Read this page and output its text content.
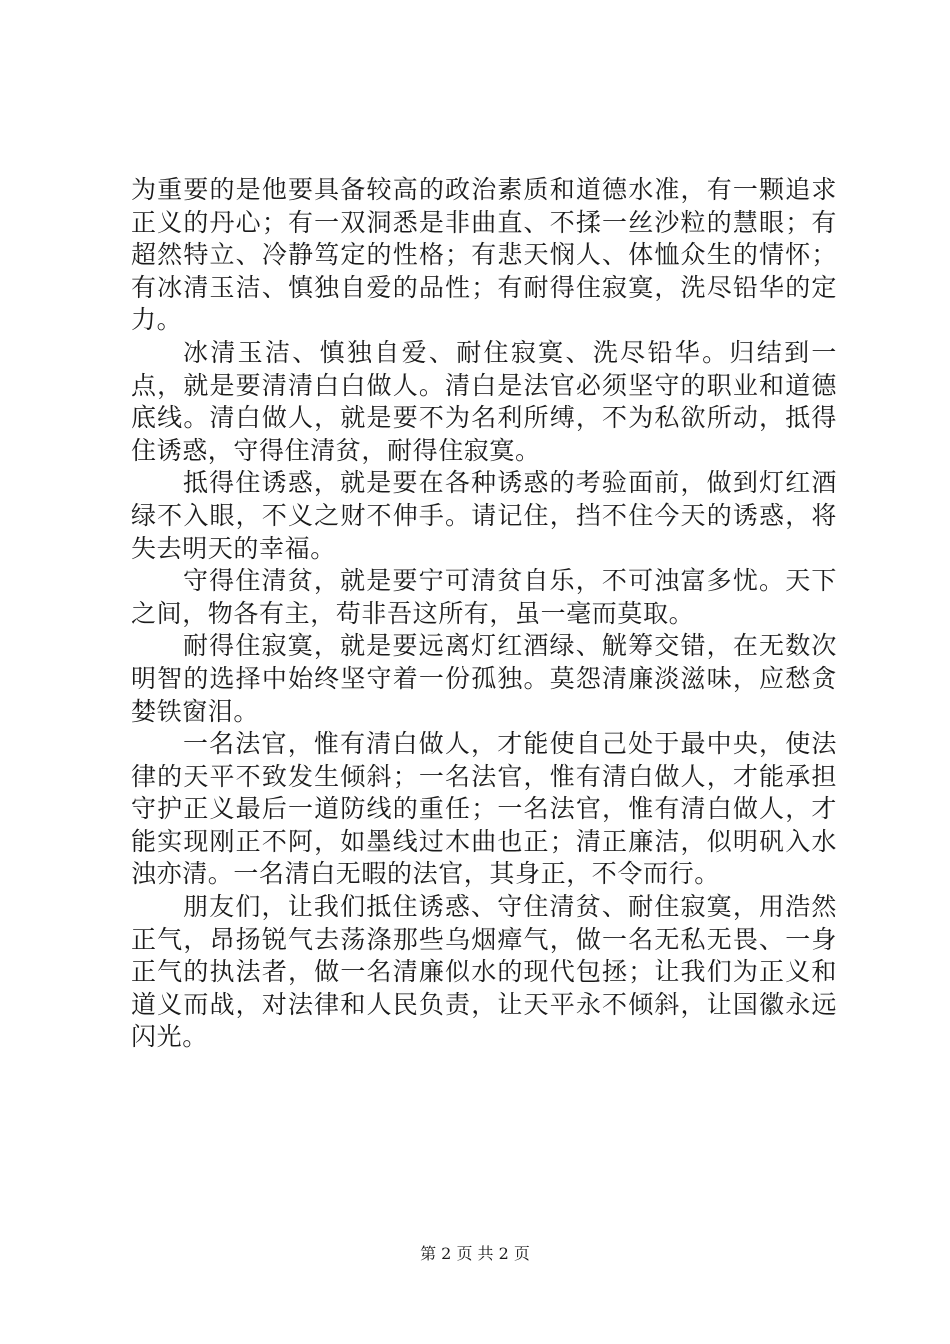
为重要的是他要具备较高的政治素质和道德水准，有一颗追求正义的丹心；有一双洞悉是非曲直、不揉一丝沙粒的慧眼；有超然特立、冷静笃定的性格；有悲天悯人、体恤众生的情怀；有冰清玉洁、慎独自爱的品性；有耐得住寂寞，洗尽铅华的定力。

冰清玉洁、慎独自爱、耐住寂寞、洗尽铅华。归结到一点，就是要清清白白做人。清白是法官必须坚守的职业和道德底线。清白做人，就是要不为名利所缚，不为私欲所动，抵得住诱惑，守得住清贫，耐得住寂寞。

抵得住诱惑，就是要在各种诱惑的考验面前，做到灯红酒绿不入眼，不义之财不伸手。请记住，挡不住今天的诱惑，将失去明天的幸福。

守得住清贫，就是要宁可清贫自乐，不可浊富多忧。天下之间，物各有主，苟非吾这所有，虽一毫而莫取。

耐得住寂寞，就是要远离灯红酒绿、觥筹交错，在无数次明智的选择中始终坚守着一份孤独。莫怨清廉淡滋味，应愁贪婪铁窗泪。

一名法官，惟有清白做人，才能使自己处于最中央，使法律的天平不致发生倾斜；一名法官，惟有清白做人，才能承担守护正义最后一道防线的重任；一名法官，惟有清白做人，才能实现刚正不阿，如墨线过木曲也正；清正廉洁，似明矾入水浊亦清。一名清白无暇的法官，其身正，不令而行。

朋友们，让我们抵住诱惑、守住清贫、耐住寂寞，用浩然正气，昂扬锐气去荡涤那些乌烟瘴气，做一名无私无畏、一身正气的执法者，做一名清廉似水的现代包拯；让我们为正义和道义而战，对法律和人民负责，让天平永不倾斜，让国徽永远闪光。

第 2 页 共 2 页
